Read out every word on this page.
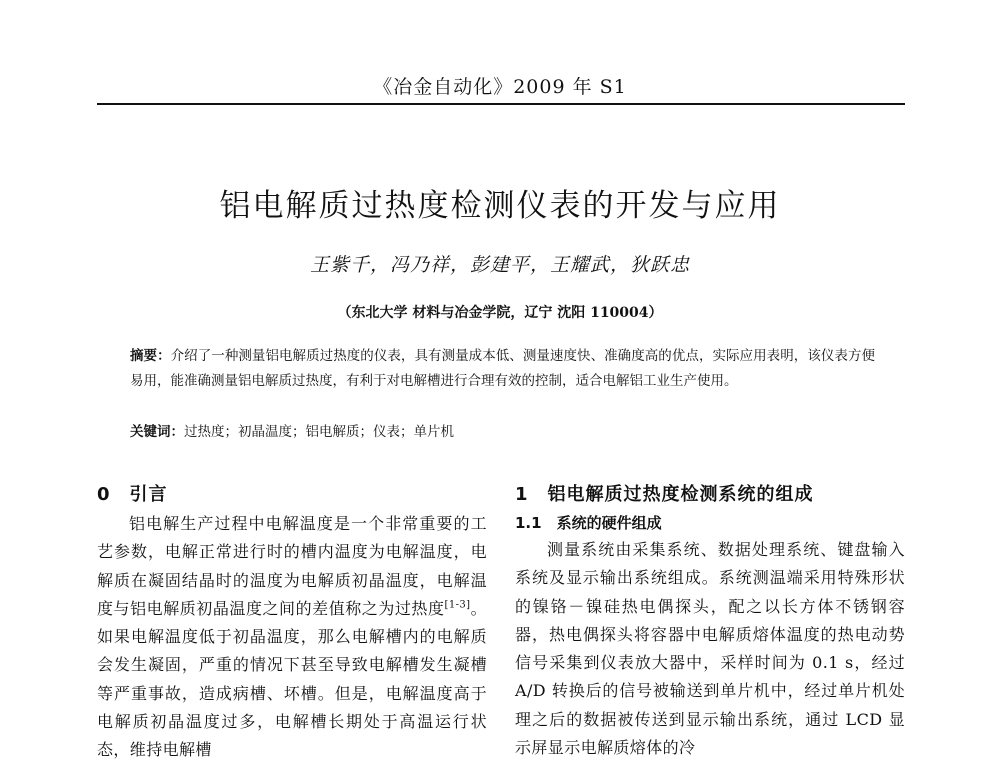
《冶金自动化》2009 年 S1
铝电解质过热度检测仪表的开发与应用
王紫千，冯乃祥，彭建平，王耀武，狄跃忠
（东北大学 材料与冶金学院，辽宁 沈阳 110004）
摘要：介绍了一种测量铝电解质过热度的仪表，具有测量成本低、测量速度快、准确度高的优点，实际应用表明，该仪表方便易用，能准确测量铝电解质过热度，有利于对电解槽进行合理有效的控制，适合电解铝工业生产使用。
关键词：过热度；初晶温度；铝电解质；仪表；单片机
0　引言

铝电解生产过程中电解温度是一个非常重要的工艺参数，电解正常进行时的槽内温度为电解温度，电解质在凝固结晶时的温度为电解质初晶温度，电解温度与铝电解质初晶温度之间的差值称之为过热度[1-3]。如果电解温度低于初晶温度，那么电解槽内的电解质会发生凝固，严重的情况下甚至导致电解槽发生凝槽等严重事故，造成病槽、坏槽。但是，电解温度高于电解质初晶温度过多，电解槽长期处于高温运行状态，维持电解槽

1　铝电解质过热度检测系统的组成
1.1　系统的硬件组成

测量系统由采集系统、数据处理系统、键盘输入系统及显示输出系统组成。系统测温端采用特殊形状的镍铬－镍硅热电偶探头，配之以长方体不锈钢容器，热电偶探头将容器中电解质熔体温度的热电动势信号采集到仪表放大器中，采样时间为 0.1 s，经过 A/D 转换后的信号被输送到单片机中，经过单片机处理之后的数据被传送到显示输出系统，通过 LCD 显示屏显示电解质熔体的冷
